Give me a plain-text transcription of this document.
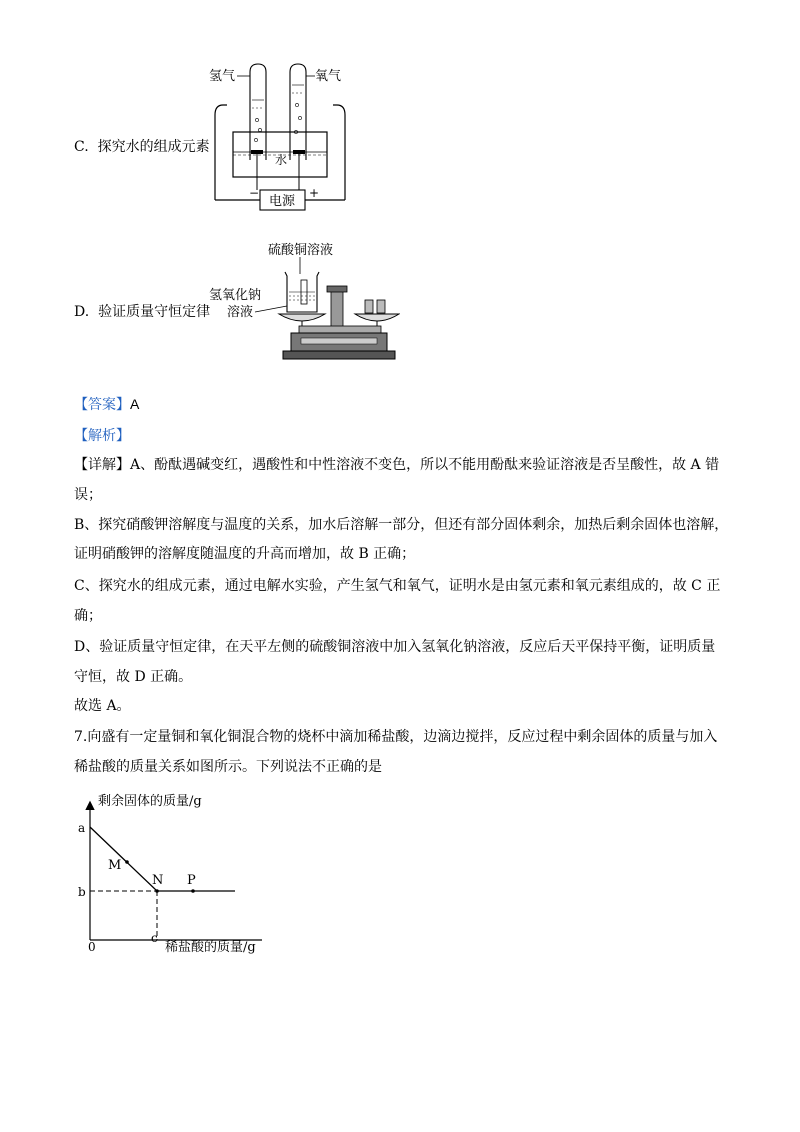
C. 探究水的组成元素
氢气	氧气
水
−	+
电源
D. 验证质量守恒定律
硫酸铜溶液
氢氧化钠
溶液
【答案】A
【解析】
【详解】A、酚酞遇碱变红，遇酸性和中性溶液不变色，所以不能用酚酞来验证溶液是否呈酸性，故 A 错
误；
B、探究硝酸钾溶解度与温度的关系，加水后溶解一部分，但还有部分固体剩余，加热后剩余固体也溶解，
证明硝酸钾的溶解度随温度的升高而增加，故 B 正确；
C、探究水的组成元素，通过电解水实验，产生氢气和氧气，证明水是由氢元素和氧元素组成的，故 C 正
确；
D、验证质量守恒定律，在天平左侧的硫酸铜溶液中加入氢氧化钠溶液，反应后天平保持平衡，证明质量
守恒，故 D 正确。
故选 A。
7.向盛有一定量铜和氧化铜混合物的烧杯中滴加稀盐酸，边滴边搅拌，反应过程中剩余固体的质量与加入
稀盐酸的质量关系如图所示。下列说法不正确的是
剩余固体的质量/g
稀盐酸的质量/g
0
a
b
c
M
N P
